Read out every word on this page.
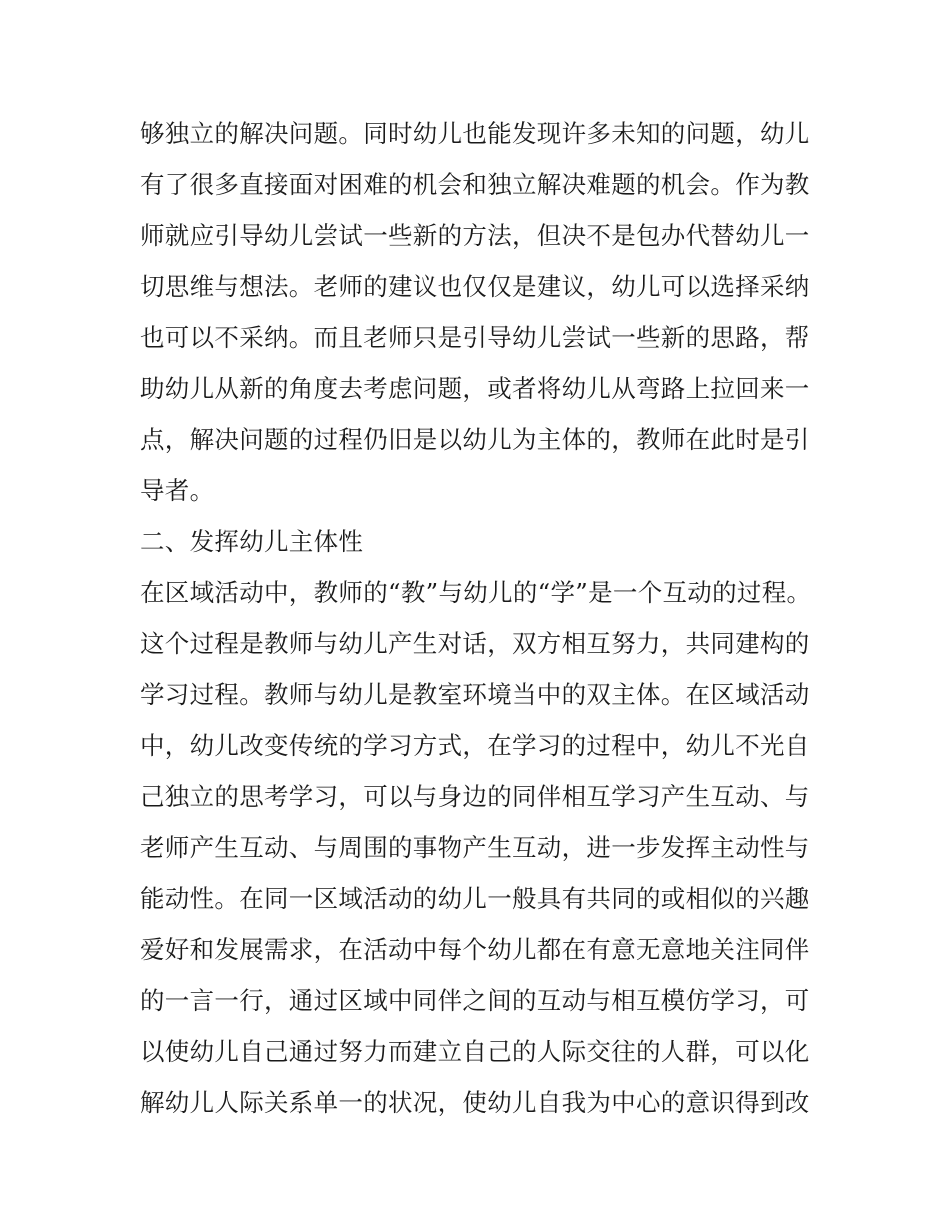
够独立的解决问题。同时幼儿也能发现许多未知的问题，幼儿
有了很多直接面对困难的机会和独立解决难题的机会。作为教
师就应引导幼儿尝试一些新的方法，但决不是包办代替幼儿一
切思维与想法。老师的建议也仅仅是建议，幼儿可以选择采纳
也可以不采纳。而且老师只是引导幼儿尝试一些新的思路，帮
助幼儿从新的角度去考虑问题，或者将幼儿从弯路上拉回来一
点，解决问题的过程仍旧是以幼儿为主体的，教师在此时是引
导者。
二、发挥幼儿主体性
在区域活动中，教师的“教”与幼儿的“学”是一个互动的过程。
这个过程是教师与幼儿产生对话，双方相互努力，共同建构的
学习过程。教师与幼儿是教室环境当中的双主体。在区域活动
中，幼儿改变传统的学习方式，在学习的过程中，幼儿不光自
己独立的思考学习，可以与身边的同伴相互学习产生互动、与
老师产生互动、与周围的事物产生互动，进一步发挥主动性与
能动性。在同一区域活动的幼儿一般具有共同的或相似的兴趣
爱好和发展需求，在活动中每个幼儿都在有意无意地关注同伴
的一言一行，通过区域中同伴之间的互动与相互模仿学习，可
以使幼儿自己通过努力而建立自己的人际交往的人群，可以化
解幼儿人际关系单一的状况，使幼儿自我为中心的意识得到改
